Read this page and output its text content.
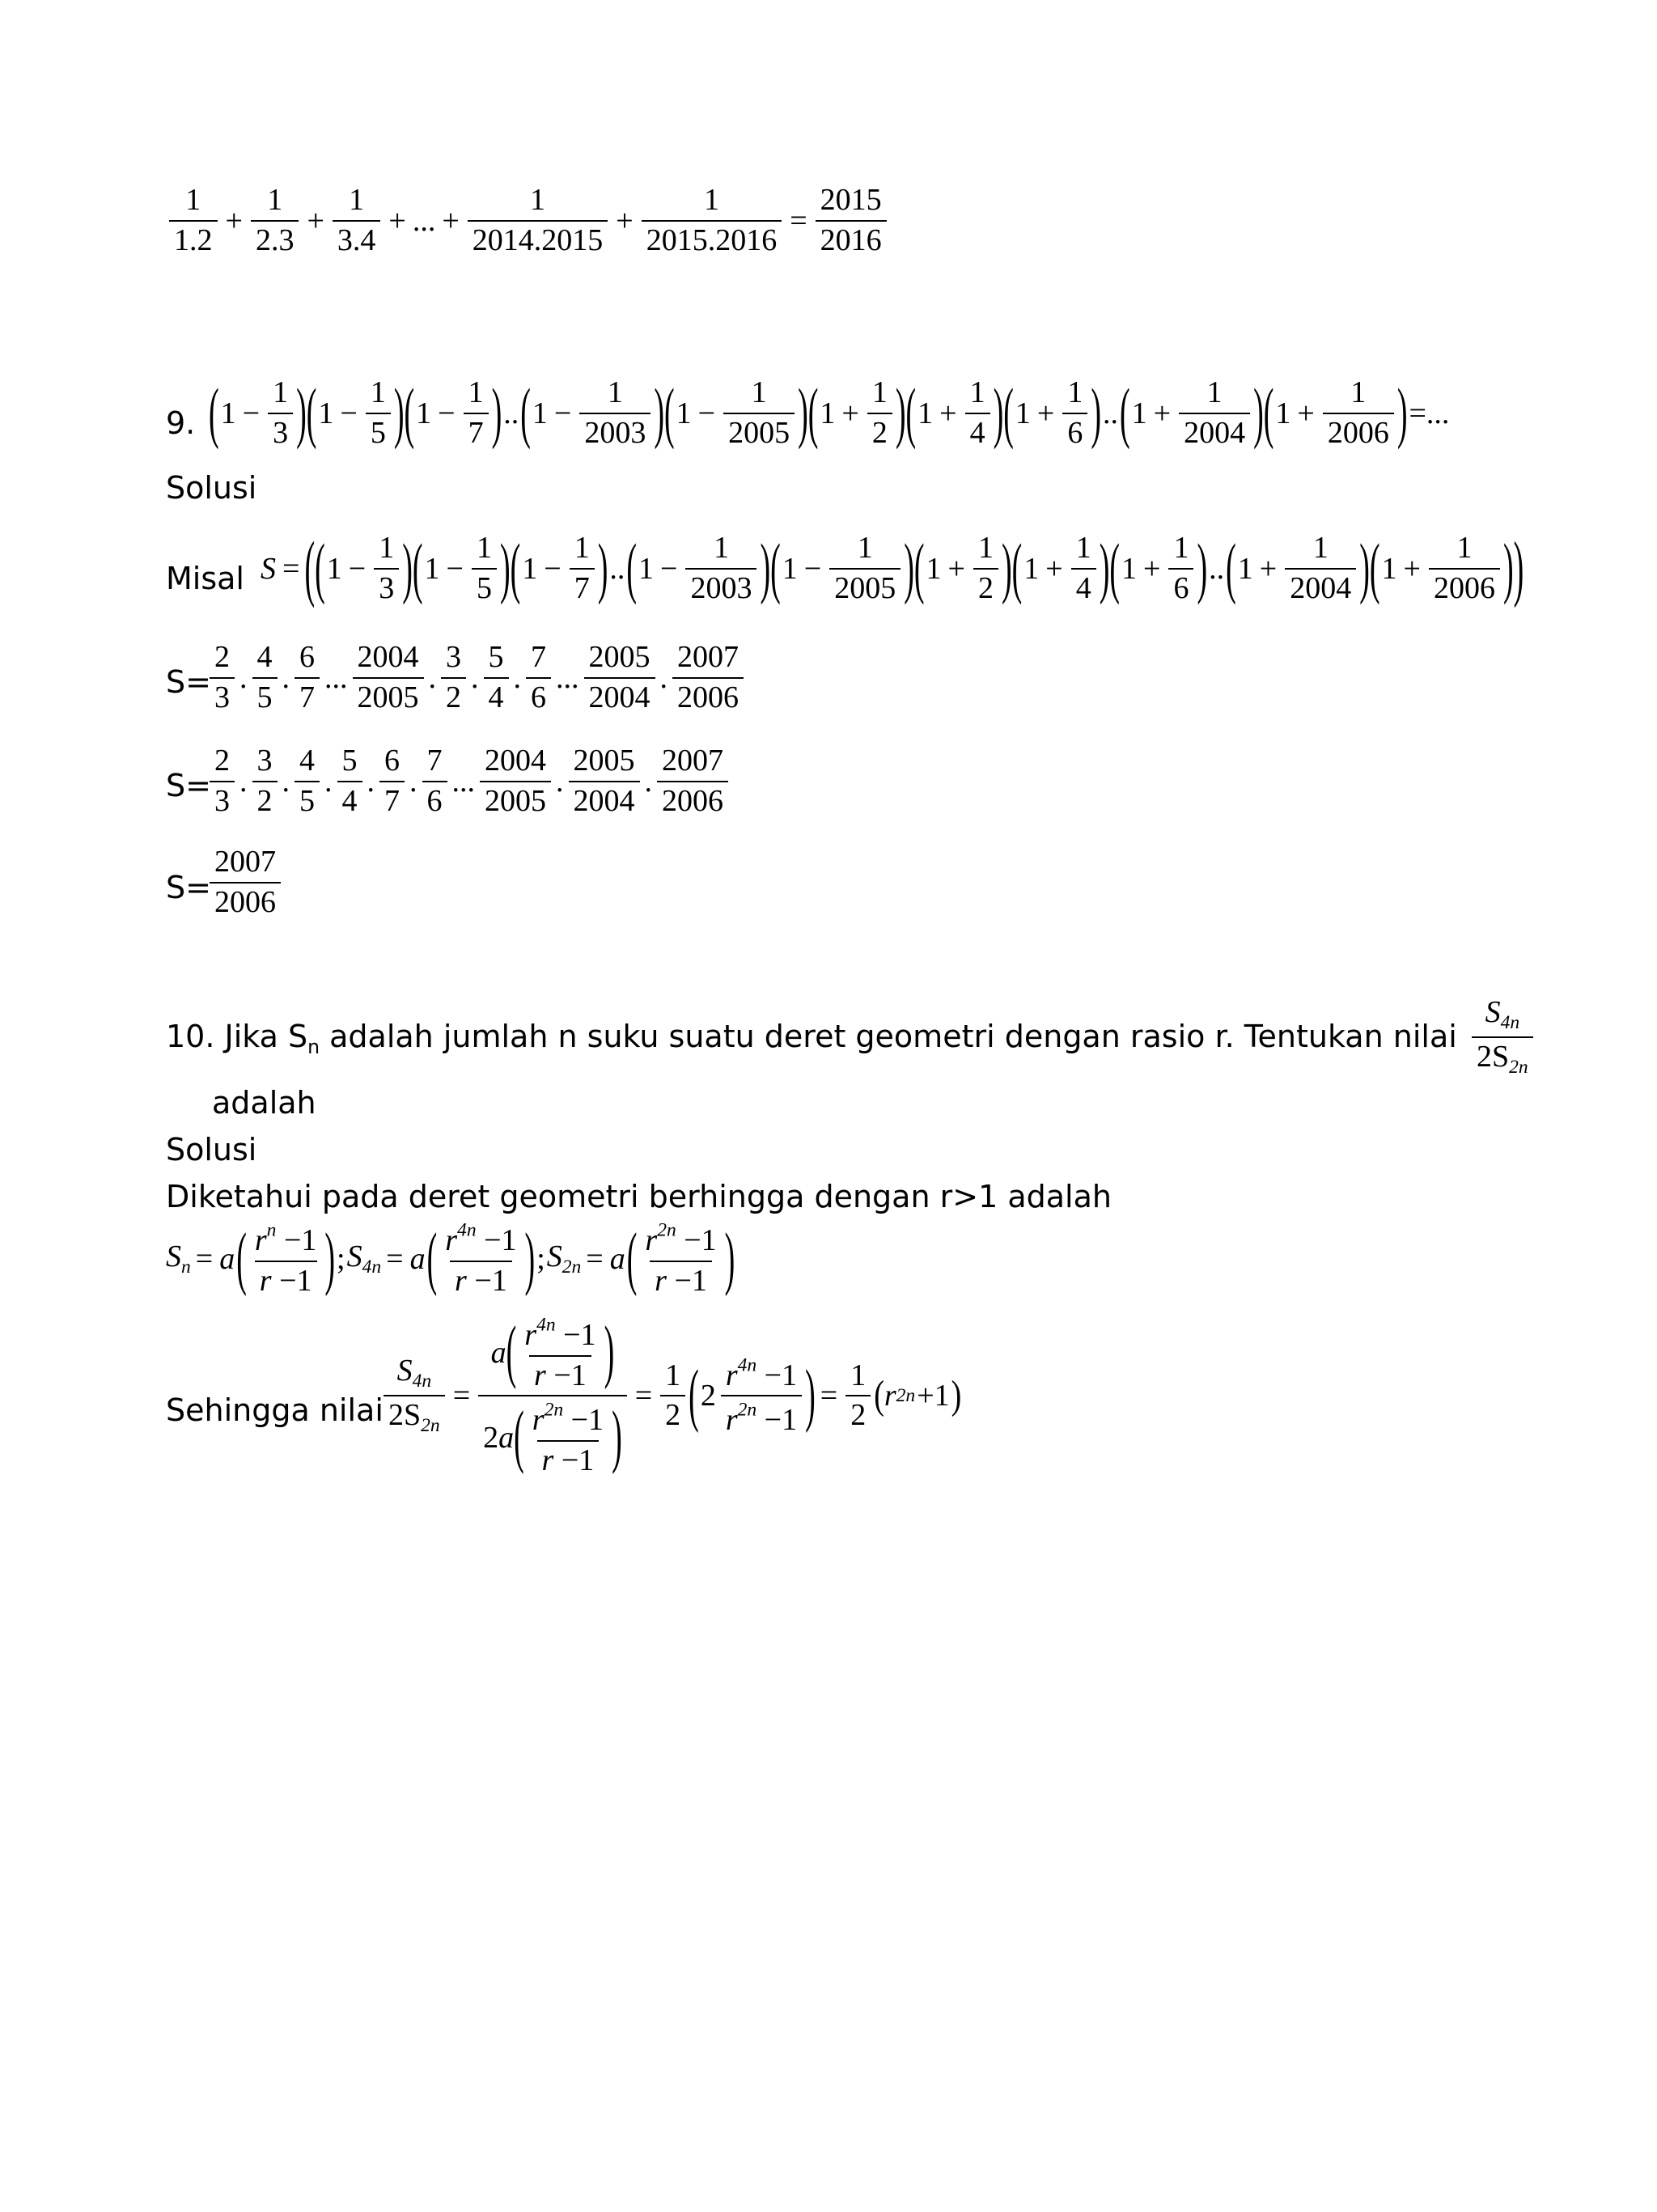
$\frac{1}{1.2} + \frac{1}{2.3} + \frac{1}{3.4}$ + ... + $\frac{1}{2014.2015} + \frac{1}{2015.2016} = \frac{2015}{2016}$
9. ( $1 - \frac{1}{3}$ ) ( $1 - \frac{1}{5}$ ) ( $1 - \frac{1}{7}$ ) .. ( $1 - \frac{1}{2003}$ ) ( $1 - \frac{1}{2005}$ ) ( $1 + \frac{1}{2}$ ) ( $1 + \frac{1}{4}$ ) ( $1 + \frac{1}{6}$ ) .. ( $1 + \frac{1}{2004}$ ) ( $1 + \frac{1}{2006}$ ) =...
Solusi
Misal S = ( ( $1 - \frac{1}{3}$ ) ( $1 - \frac{1}{5}$ ) ( $1 - \frac{1}{7}$ ) .. ( $1 - \frac{1}{2003}$ ) ( $1 - \frac{1}{2005}$ ) ( $1 + \frac{1}{2}$ ) ( $1 + \frac{1}{4}$ ) ( $1 + \frac{1}{6}$ ) .. ( $1 + \frac{1}{2004}$ ) ( $1 + \frac{1}{2006}$ ) )
S=
$\frac{2}{3}$ . $\frac{4}{5}$ . $\frac{6}{7}$ ... $\frac{2004}{2005}$ . $\frac{3}{2}$ . $\frac{5}{4}$ . $\frac{7}{6}$ ... $\frac{2005}{2004}$ . $\frac{2007}{2006}$
S=
$\frac{2}{3}$ . $\frac{3}{2}$ . $\frac{4}{5}$ . $\frac{5}{4}$ . $\frac{6}{7}$ . $\frac{7}{6}$ ... $\frac{2004}{2005}$ . $\frac{2005}{2004}$ . $\frac{2007}{2006}$
S=
$\frac{2007}{2006}$
10. Jika $S_n$ adalah jumlah n suku suatu deret geometri dengan rasio r. Tentukan nilai $\frac{S_{4n}}{2S_{2n}}$
adalah
Solusi
Diketahui pada deret geometri berhingga dengan r>1 adalah
$S_n = a$ ( $\frac{r^n -1}{r -1}$ ) ; $S_{4n} = a$ ( $\frac{r^{4n} -1}{r -1}$ ) ; $S_{2n} = a$ ( $\frac{r^{2n} -1}{r -1}$ )
Sehingga nilai $\frac{S_{4n}}{2S_{2n}} = \frac{a ( \frac{r^{4n} -1}{r -1} )}{2a ( \frac{r^{2n} -1}{r -1} )} = \frac{1}{2}$ ( $2 \frac{r^{4n} -1}{r^{2n} -1}$ ) = $\frac{1}{2}$ ( r 2n +1 )
